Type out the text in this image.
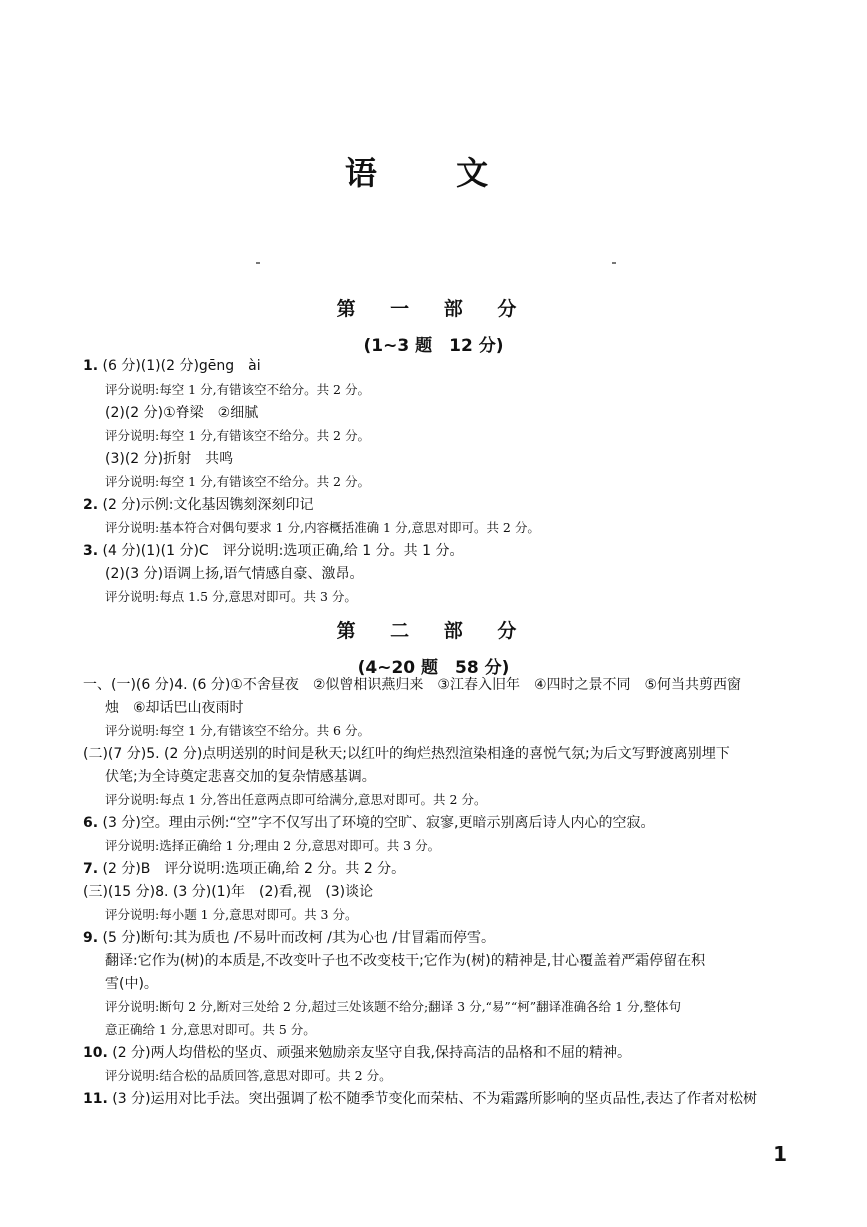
语 文
第 一 部 分
(1~3 题　12 分)
1. (6 分)(1)(2 分)gēng　ài
评分说明:每空 1 分,有错该空不给分。共 2 分。
(2)(2 分)①脊梁　②细腻
评分说明:每空 1 分,有错该空不给分。共 2 分。
(3)(2 分)折射　共鸣
评分说明:每空 1 分,有错该空不给分。共 2 分。
2. (2 分)示例:文化基因镌刻深刻印记
评分说明:基本符合对偶句要求 1 分,内容概括准确 1 分,意思对即可。共 2 分。
3. (4 分)(1)(1 分)C　评分说明:选项正确,给 1 分。共 1 分。
(2)(3 分)语调上扬,语气情感自豪、激昂。
评分说明:每点 1.5 分,意思对即可。共 3 分。
第 二 部 分
(4~20 题　58 分)
一、(一)(6 分)4. (6 分)①不舍昼夜　②似曾相识燕归来　③江春入旧年　④四时之景不同　⑤何当共剪西窗
烛　⑥却话巴山夜雨时
评分说明:每空 1 分,有错该空不给分。共 6 分。
(二)(7 分)5. (2 分)点明送别的时间是秋天;以红叶的绚烂热烈渲染相逢的喜悦气氛;为后文写野渡离别埋下
伏笔;为全诗奠定悲喜交加的复杂情感基调。
评分说明:每点 1 分,答出任意两点即可给满分,意思对即可。共 2 分。
6. (3 分)空。理由示例:“空”字不仅写出了环境的空旷、寂寥,更暗示别离后诗人内心的空寂。
评分说明:选择正确给 1 分;理由 2 分,意思对即可。共 3 分。
7. (2 分)B　评分说明:选项正确,给 2 分。共 2 分。
(三)(15 分)8. (3 分)(1)年　(2)看,视　(3)谈论
评分说明:每小题 1 分,意思对即可。共 3 分。
9. (5 分)断句:其为质也 /不易叶而改柯 /其为心也 /甘冒霜而停雪。
翻译:它作为(树)的本质是,不改变叶子也不改变枝干;它作为(树)的精神是,甘心覆盖着严霜停留在积
雪(中)。
评分说明:断句 2 分,断对三处给 2 分,超过三处该题不给分;翻译 3 分,“易”“柯”翻译准确各给 1 分,整体句
意正确给 1 分,意思对即可。共 5 分。
10. (2 分)两人均借松的坚贞、顽强来勉励亲友坚守自我,保持高洁的品格和不屈的精神。
评分说明:结合松的品质回答,意思对即可。共 2 分。
11. (3 分)运用对比手法。突出强调了松不随季节变化而荣枯、不为霜露所影响的坚贞品性,表达了作者对松树
1
